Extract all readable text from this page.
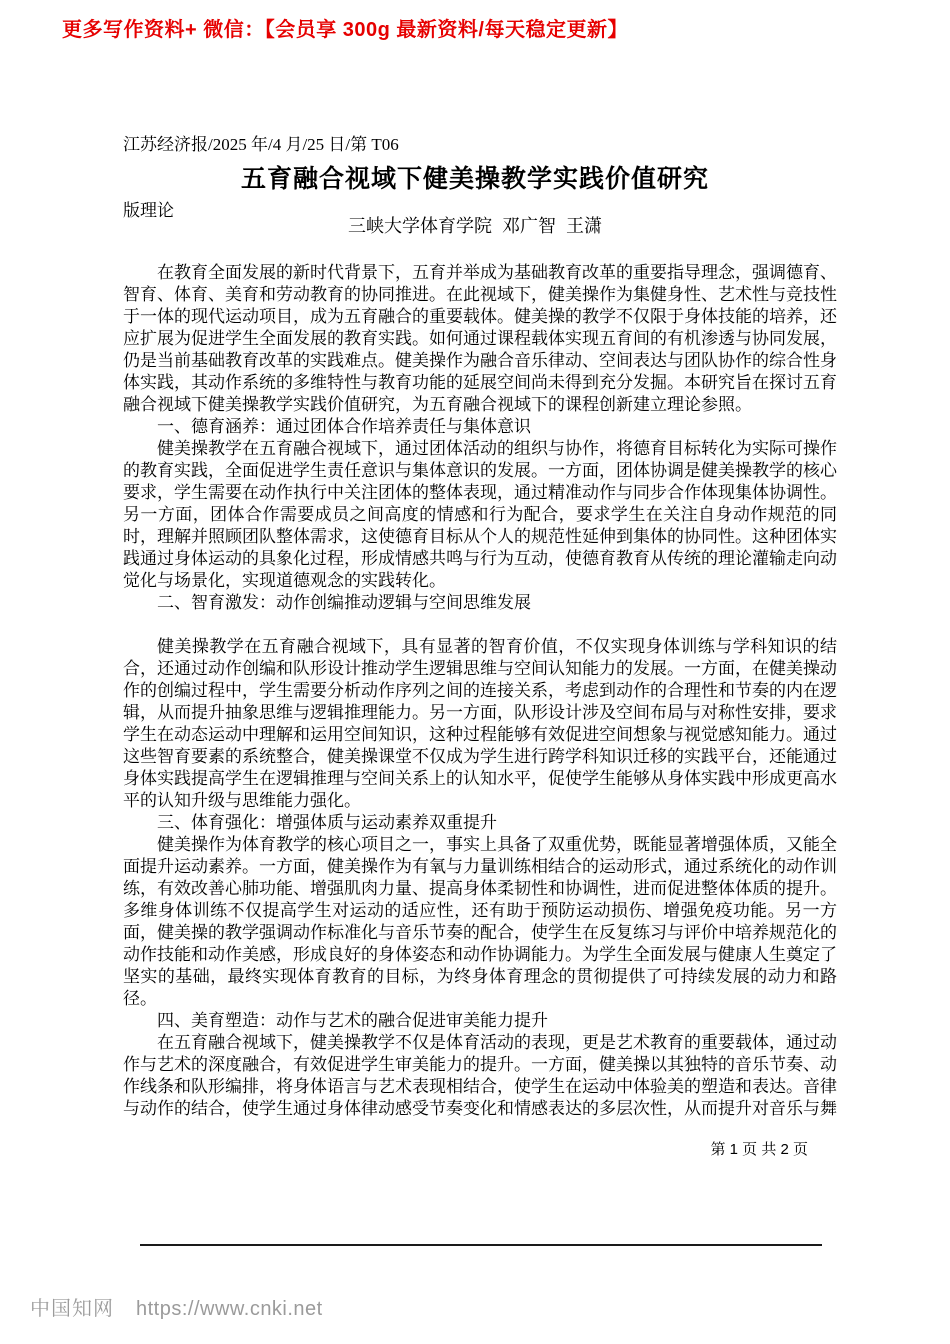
更多写作资料+ 微信：【会员享 300g 最新资料/每天稳定更新】

江苏经济报/2025 年/4 月/25 日/第 T06

版理论

五育融合视域下健美操教学实践价值研究
三峡大学体育学院  邓广智  王潇

在教育全面发展的新时代背景下，五育并举成为基础教育改革的重要指导理念，强调德育、智育、体育、美育和劳动教育的协同推进。在此视域下，健美操作为集健身性、艺术性与竞技性于一体的现代运动项目，成为五育融合的重要载体。健美操的教学不仅限于身体技能的培养，还应扩展为促进学生全面发展的教育实践。如何通过课程载体实现五育间的有机渗透与协同发展，仍是当前基础教育改革的实践难点。健美操作为融合音乐律动、空间表达与团队协作的综合性身体实践，其动作系统的多维特性与教育功能的延展空间尚未得到充分发掘。本研究旨在探讨五育融合视域下健美操教学实践价值研究，为五育融合视域下的课程创新建立理论参照。

一、德育涵养：通过团体合作培养责任与集体意识

健美操教学在五育融合视域下，通过团体活动的组织与协作，将德育目标转化为实际可操作的教育实践，全面促进学生责任意识与集体意识的发展。一方面，团体协调是健美操教学的核心要求，学生需要在动作执行中关注团体的整体表现，通过精准动作与同步合作体现集体协调性。另一方面，团体合作需要成员之间高度的情感和行为配合，要求学生在关注自身动作规范的同时，理解并照顾团队整体需求，这使德育目标从个人的规范性延伸到集体的协同性。这种团体实践通过身体运动的具象化过程，形成情感共鸣与行为互动，使德育教育从传统的理论灌输走向动觉化与场景化，实现道德观念的实践转化。

二、智育激发：动作创编推动逻辑与空间思维发展

健美操教学在五育融合视域下，具有显著的智育价值，不仅实现身体训练与学科知识的结合，还通过动作创编和队形设计推动学生逻辑思维与空间认知能力的发展。一方面，在健美操动作的创编过程中，学生需要分析动作序列之间的连接关系，考虑到动作的合理性和节奏的内在逻辑，从而提升抽象思维与逻辑推理能力。另一方面，队形设计涉及空间布局与对称性安排，要求学生在动态运动中理解和运用空间知识，这种过程能够有效促进空间想象与视觉感知能力。通过这些智育要素的系统整合，健美操课堂不仅成为学生进行跨学科知识迁移的实践平台，还能通过身体实践提高学生在逻辑推理与空间关系上的认知水平，促使学生能够从身体实践中形成更高水平的认知升级与思维能力强化。

三、体育强化：增强体质与运动素养双重提升

健美操作为体育教学的核心项目之一，事实上具备了双重优势，既能显著增强体质，又能全面提升运动素养。一方面，健美操作为有氧与力量训练相结合的运动形式，通过系统化的动作训练，有效改善心肺功能、增强肌肉力量、提高身体柔韧性和协调性，进而促进整体体质的提升。多维身体训练不仅提高学生对运动的适应性，还有助于预防运动损伤、增强免疫功能。另一方面，健美操的教学强调动作标准化与音乐节奏的配合，使学生在反复练习与评价中培养规范化的动作技能和动作美感，形成良好的身体姿态和动作协调能力。为学生全面发展与健康人生奠定了坚实的基础，最终实现体育教育的目标，为终身体育理念的贯彻提供了可持续发展的动力和路径。

四、美育塑造：动作与艺术的融合促进审美能力提升

在五育融合视域下，健美操教学不仅是体育活动的表现，更是艺术教育的重要载体，通过动作与艺术的深度融合，有效促进学生审美能力的提升。一方面，健美操以其独特的音乐节奏、动作线条和队形编排，将身体语言与艺术表现相结合，使学生在运动中体验美的塑造和表达。音律与动作的结合，使学生通过身体律动感受节奏变化和情感表达的多层次性，从而提升对音乐与舞

第 1 页 共 2 页
中国知网 https://www.cnki.net
